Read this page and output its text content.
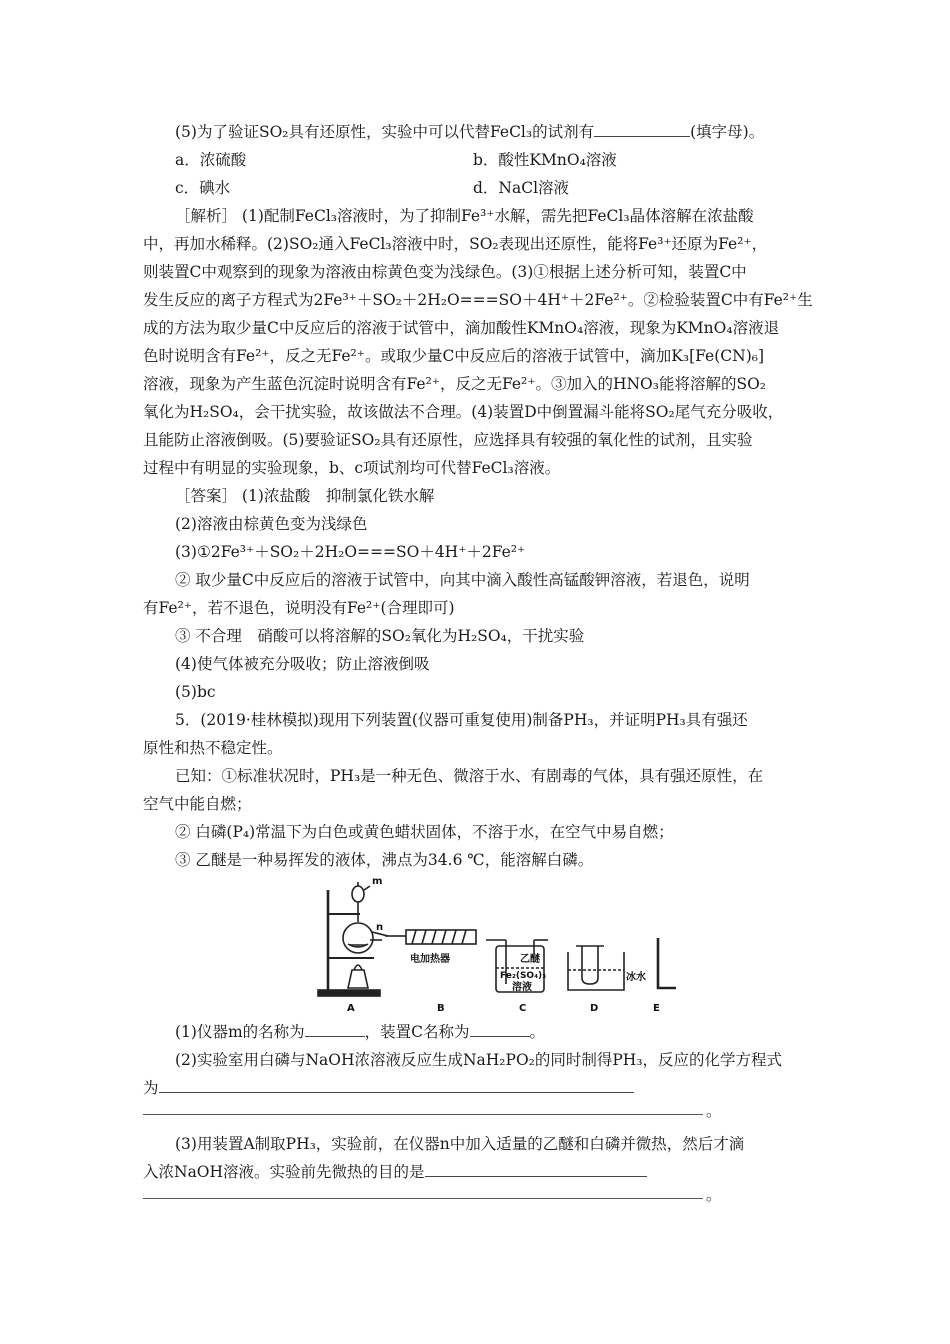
(5)为了验证SO₂具有还原性，实验中可以代替FeCl₃的试剂有	(填字母)。
a．浓硫酸	b．酸性KMnO₄溶液
c．碘水	d．NaCl溶液
［解析］ (1)配制FeCl₃溶液时，为了抑制Fe³⁺水解，需先把FeCl₃晶体溶解在浓盐酸
中，再加水稀释。(2)SO₂通入FeCl₃溶液中时，SO₂表现出还原性，能将Fe³⁺还原为Fe²⁺，
则装置C中观察到的现象为溶液由棕黄色变为浅绿色。(3)①根据上述分析可知，装置C中
发生反应的离子方程式为2Fe³⁺＋SO₂＋2H₂O===SO＋4H⁺＋2Fe²⁺。②检验装置C中有Fe²⁺生
成的方法为取少量C中反应后的溶液于试管中，滴加酸性KMnO₄溶液，现象为KMnO₄溶液退
色时说明含有Fe²⁺，反之无Fe²⁺。或取少量C中反应后的溶液于试管中，滴加K₃[Fe(CN)₆]
溶液，现象为产生蓝色沉淀时说明含有Fe²⁺，反之无Fe²⁺。③加入的HNO₃能将溶解的SO₂
氧化为H₂SO₄，会干扰实验，故该做法不合理。(4)装置D中倒置漏斗能将SO₂尾气充分吸收，
且能防止溶液倒吸。(5)要验证SO₂具有还原性，应选择具有较强的氧化性的试剂，且实验
过程中有明显的实验现象，b、c项试剂均可代替FeCl₃溶液。
［答案］ (1)浓盐酸　抑制氯化铁水解
(2)溶液由棕黄色变为浅绿色
(3)①2Fe³⁺＋SO₂＋2H₂O===SO＋4H⁺＋2Fe²⁺
② 取少量C中反应后的溶液于试管中，向其中滴入酸性高锰酸钾溶液，若退色，说明
有Fe²⁺，若不退色，说明没有Fe²⁺(合理即可)
③ 不合理　硝酸可以将溶解的SO₂氧化为H₂SO₄，干扰实验
(4)使气体被充分吸收；防止溶液倒吸
(5)bc
5．(2019·桂林模拟)现用下列装置(仪器可重复使用)制备PH₃，并证明PH₃具有强还
原性和热不稳定性。
已知：①标准状况时，PH₃是一种无色、微溶于水、有剧毒的气体，具有强还原性，在
空气中能自燃；
② 白磷(P₄)常温下为白色或黄色蜡状固体，不溶于水，在空气中易自燃；
③ 乙醚是一种易挥发的液体，沸点为34.6 ℃，能溶解白磷。
m
n
电加热器	乙醚
Fe₂(SO₄)₃
溶液
冰水
A	B	C	D	E
(1)仪器m的名称为	，装置C名称为	。
(2)实验室用白磷与NaOH浓溶液反应生成NaH₂PO₂的同时制得PH₃，反应的化学方程式
为
。
(3)用装置A制取PH₃，实验前，在仪器n中加入适量的乙醚和白磷并微热，然后才滴
入浓NaOH溶液。实验前先微热的目的是
。
